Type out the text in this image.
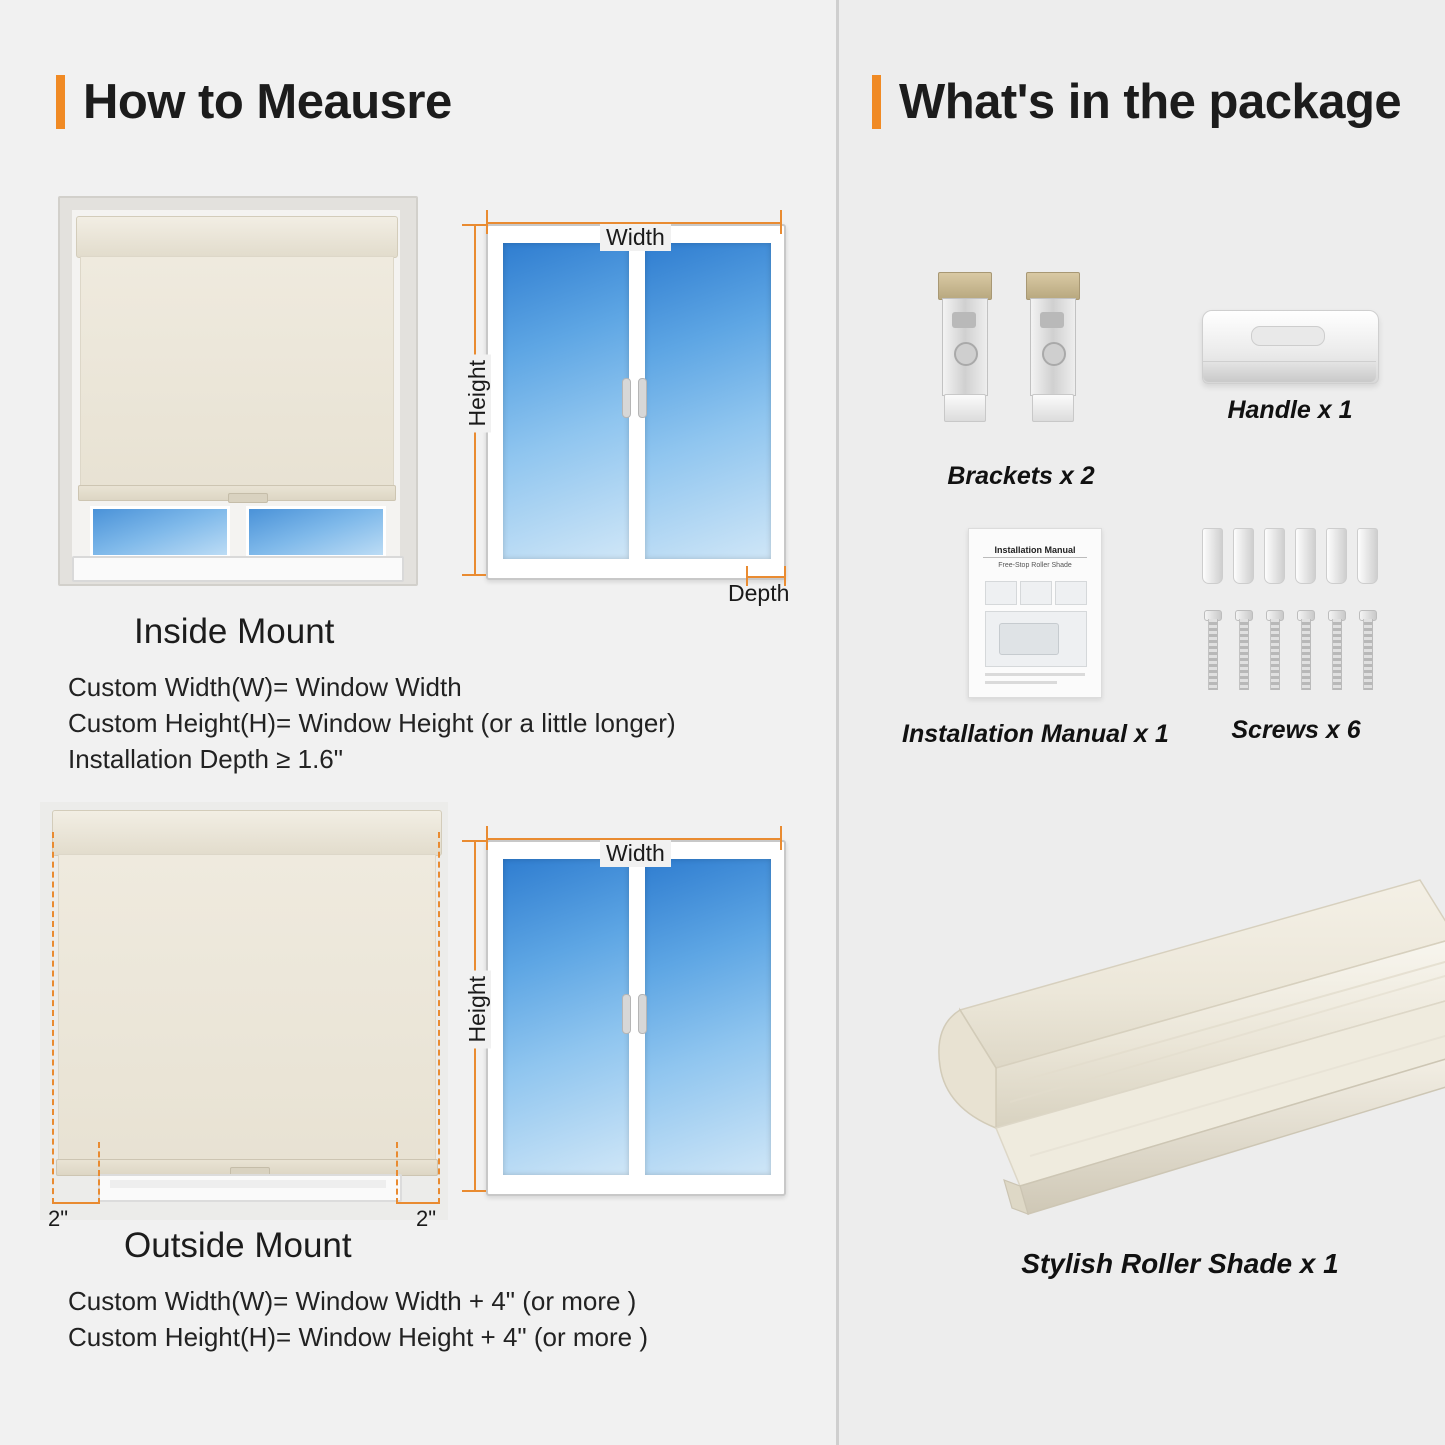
How to Meausre
Width
Height
Depth
Inside Mount
Custom Width(W)= Window Width
Custom Height(H)= Window Height (or a little longer)
Installation Depth ≥ 1.6"
2"	2"
Width
Height
Outside Mount
Custom Width(W)= Window Width + 4" (or more )
Custom Height(H)= Window Height + 4" (or more )
What's in the package
Brackets x 2
Handle x 1
Installation Manual
Free-Stop Roller Shade
Installation Manual x 1	Screws x 6
Stylish Roller Shade x 1
